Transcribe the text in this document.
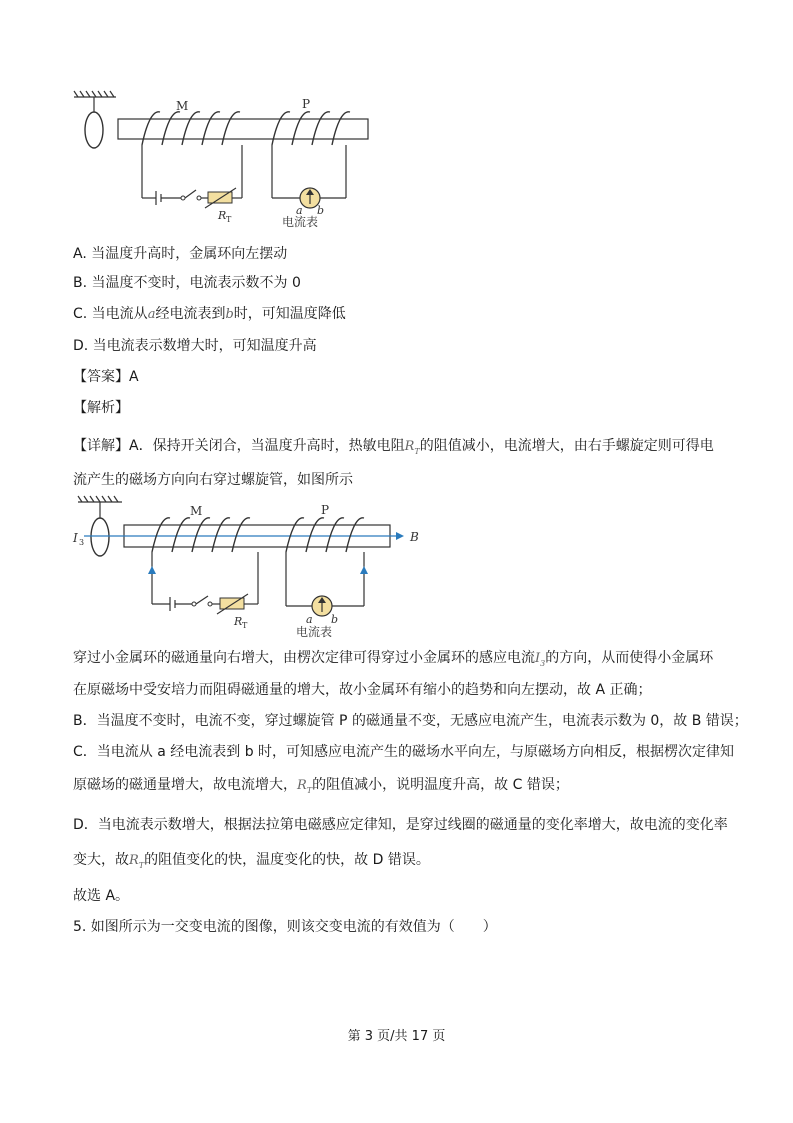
M	P
R T
a b
电流表
A. 当温度升高时，金属环向左摆动
B. 当温度不变时，电流表示数不为 0
C. 当电流从a经电流表到b时，可知温度降低
D. 当电流表示数增大时，可知温度升高
【答案】A
【解析】
【详解】A．保持开关闭合，当温度升高时，热敏电阻$R_T$的阻值减小，电流增大，由右手螺旋定则可得电
流产生的磁场方向向右穿过螺旋管，如图所示
I 3	B
M	P
R T	a b
电流表
穿过小金属环的磁通量向右增大，由楞次定律可得穿过小金属环的感应电流$I_3$的方向，从而使得小金属环
在原磁场中受安培力而阻碍磁通量的增大，故小金属环有缩小的趋势和向左摆动，故 A 正确；
B．当温度不变时，电流不变，穿过螺旋管 P 的磁通量不变，无感应电流产生，电流表示数为 0，故 B 错误；
C．当电流从 a 经电流表到 b 时，可知感应电流产生的磁场水平向左，与原磁场方向相反，根据楞次定律知
原磁场的磁通量增大，故电流增大，$R_T$的阻值减小，说明温度升高，故 C 错误；
D．当电流表示数增大，根据法拉第电磁感应定律知，是穿过线圈的磁通量的变化率增大，故电流的变化率
变大，故$R_T$的阻值变化的快，温度变化的快，故 D 错误。
故选 A。
5. 如图所示为一交变电流的图像，则该交变电流的有效值为（　　）
第 3 页/共 17 页
